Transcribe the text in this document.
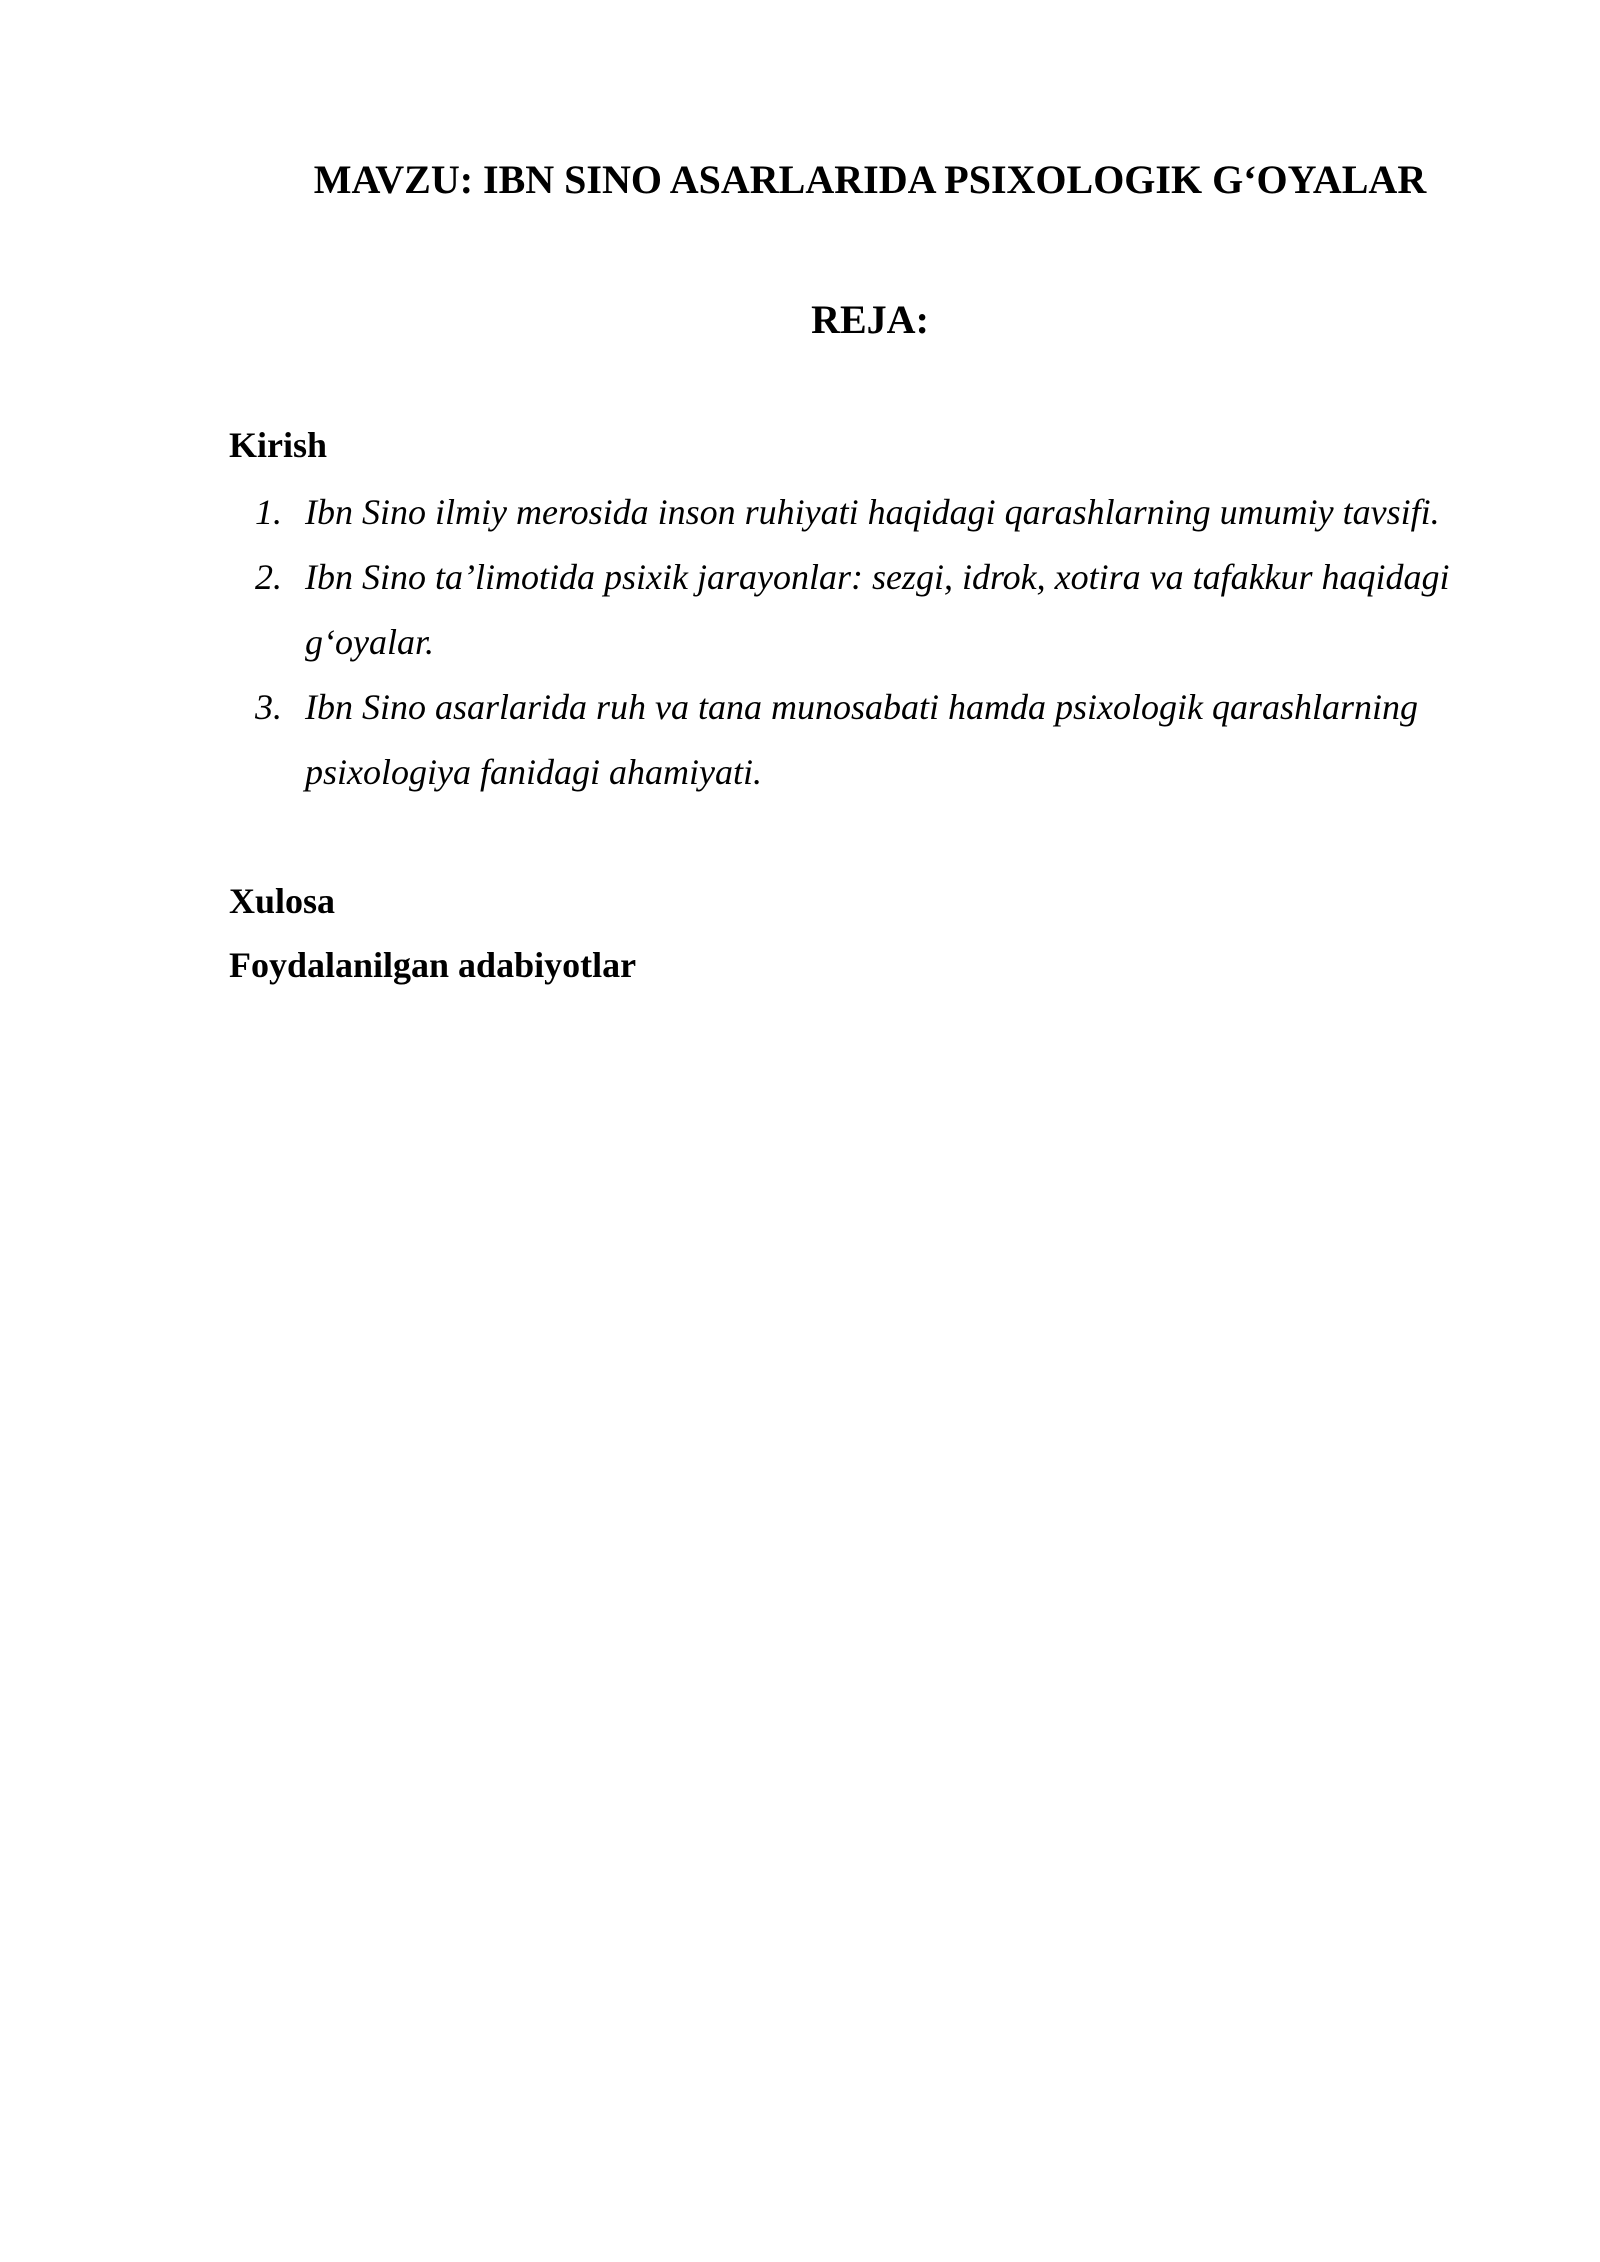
MAVZU: IBN SINO ASARLARIDA PSIXOLOGIK G‘OYALAR
REJA:
Kirish
1. Ibn Sino ilmiy merosida inson ruhiyati haqidagi qarashlarning umumiy tavsifi.
2. Ibn Sino ta’limotida psixik jarayonlar: sezgi, idrok, xotira va tafakkur haqidagi g‘oyalar.
3. Ibn Sino asarlarida ruh va tana munosabati hamda psixologik qarashlarning psixologiya fanidagi ahamiyati.
Xulosa
Foydalanilgan adabiyotlar
